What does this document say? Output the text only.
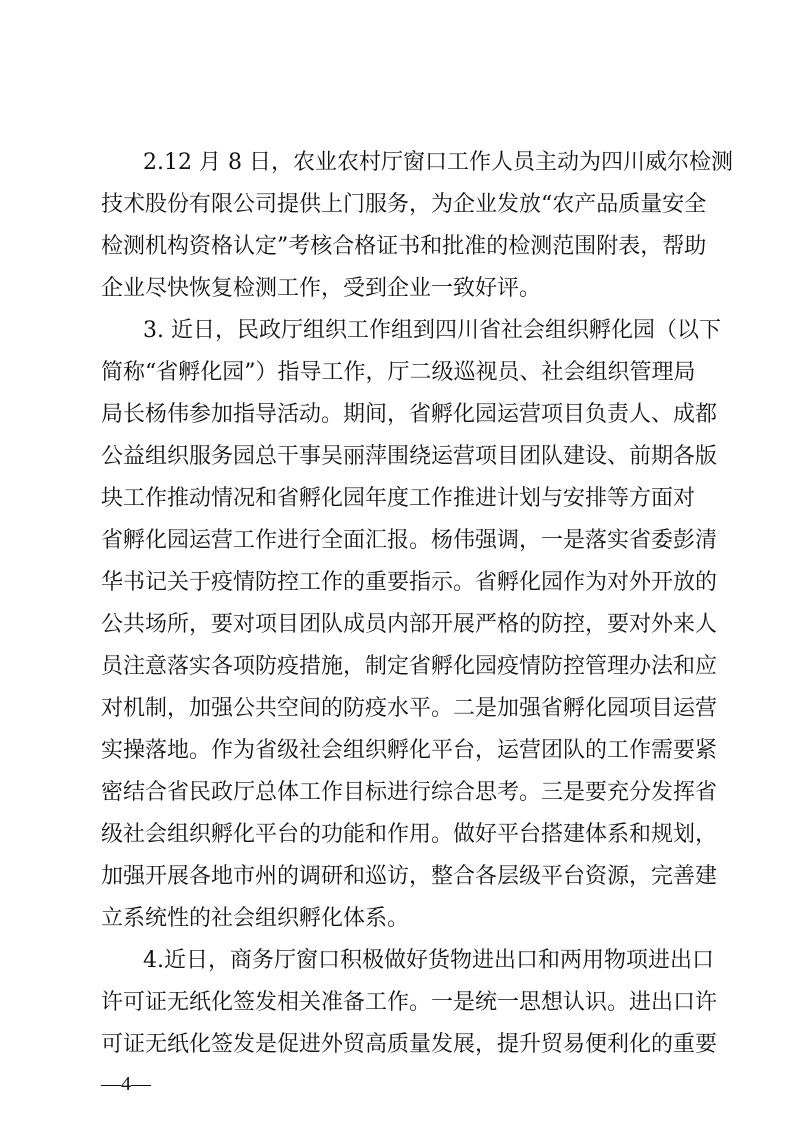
2.12 月 8 日，农业农村厅窗口工作人员主动为四川威尔检测
技术股份有限公司提供上门服务，为企业发放“农产品质量安全
检测机构资格认定”考核合格证书和批准的检测范围附表，帮助
企业尽快恢复检测工作，受到企业一致好评。
3. 近日，民政厅组织工作组到四川省社会组织孵化园（以下
简称“省孵化园”）指导工作，厅二级巡视员、社会组织管理局
局长杨伟参加指导活动。期间，省孵化园运营项目负责人、成都
公益组织服务园总干事吴丽萍围绕运营项目团队建设、前期各版
块工作推动情况和省孵化园年度工作推进计划与安排等方面对
省孵化园运营工作进行全面汇报。杨伟强调，一是落实省委彭清
华书记关于疫情防控工作的重要指示。省孵化园作为对外开放的
公共场所，要对项目团队成员内部开展严格的防控，要对外来人
员注意落实各项防疫措施，制定省孵化园疫情防控管理办法和应
对机制，加强公共空间的防疫水平。二是加强省孵化园项目运营
实操落地。作为省级社会组织孵化平台，运营团队的工作需要紧
密结合省民政厅总体工作目标进行综合思考。三是要充分发挥省
级社会组织孵化平台的功能和作用。做好平台搭建体系和规划，
加强开展各地市州的调研和巡访，整合各层级平台资源，完善建
立系统性的社会组织孵化体系。
4.近日，商务厅窗口积极做好货物进出口和两用物项进出口
许可证无纸化签发相关准备工作。一是统一思想认识。进出口许
可证无纸化签发是促进外贸高质量发展，提升贸易便利化的重要
—4—
